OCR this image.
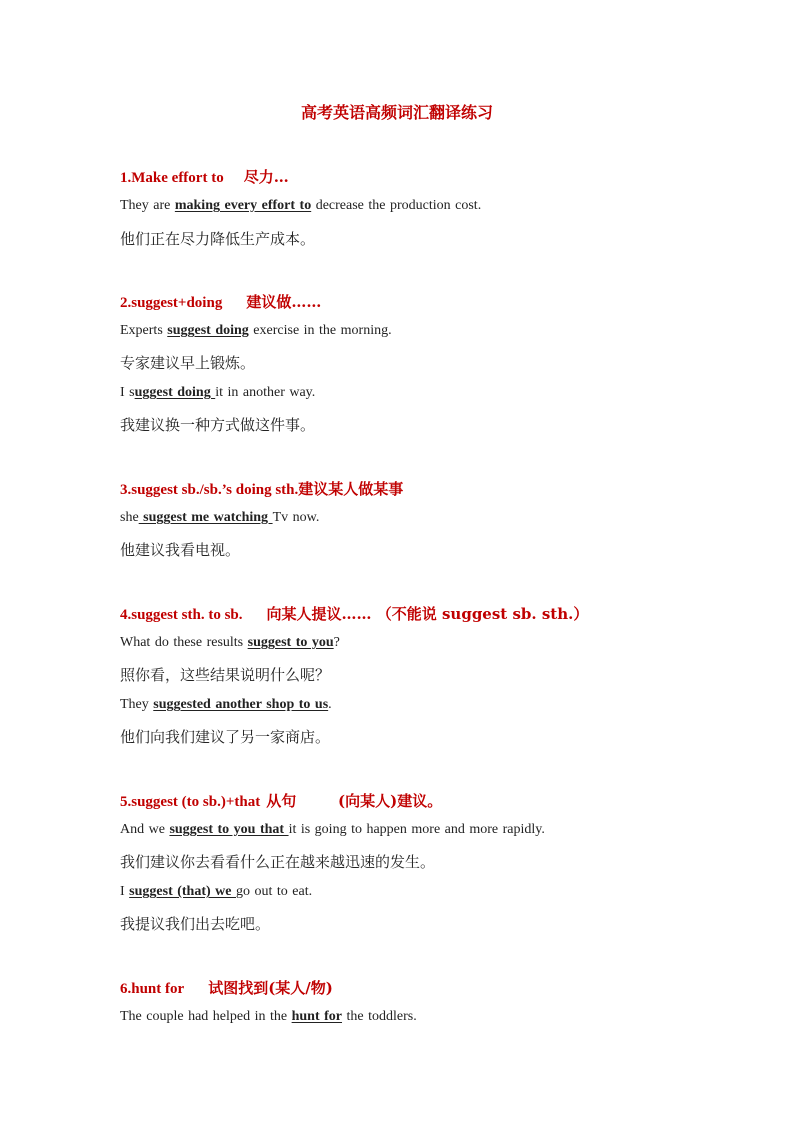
高考英语高频词汇翻译练习
1.Make effort to 尽力…
They are making every effort to decrease the production cost.
他们正在尽力降低生产成本。
2.suggest+doing 建议做……
Experts suggest doing exercise in the morning.
专家建议早上锻炼。
I suggest doing it in another way.
我建议换一种方式做这件事。
3.suggest sb./sb.’s doing sth.建议某人做某事
she suggest me watching Tv now.
他建议我看电视。
4.suggest sth. to sb. 向某人提议…… （不能说 suggest sb. sth.）
What do these results suggest to you?
照你看，这些结果说明什么呢？
They suggested another shop to us.
他们向我们建议了另一家商店。
5.suggest (to sb.)+that 从句        (向某人)建议。
And we suggest to you that it is going to happen more and more rapidly.
我们建议你去看看什么正在越来越迅速的发生。
I suggest (that) we go out to eat.
我提议我们出去吃吧。
6.hunt for 试图找到(某人/物)
The couple had helped in the hunt for the toddlers.
